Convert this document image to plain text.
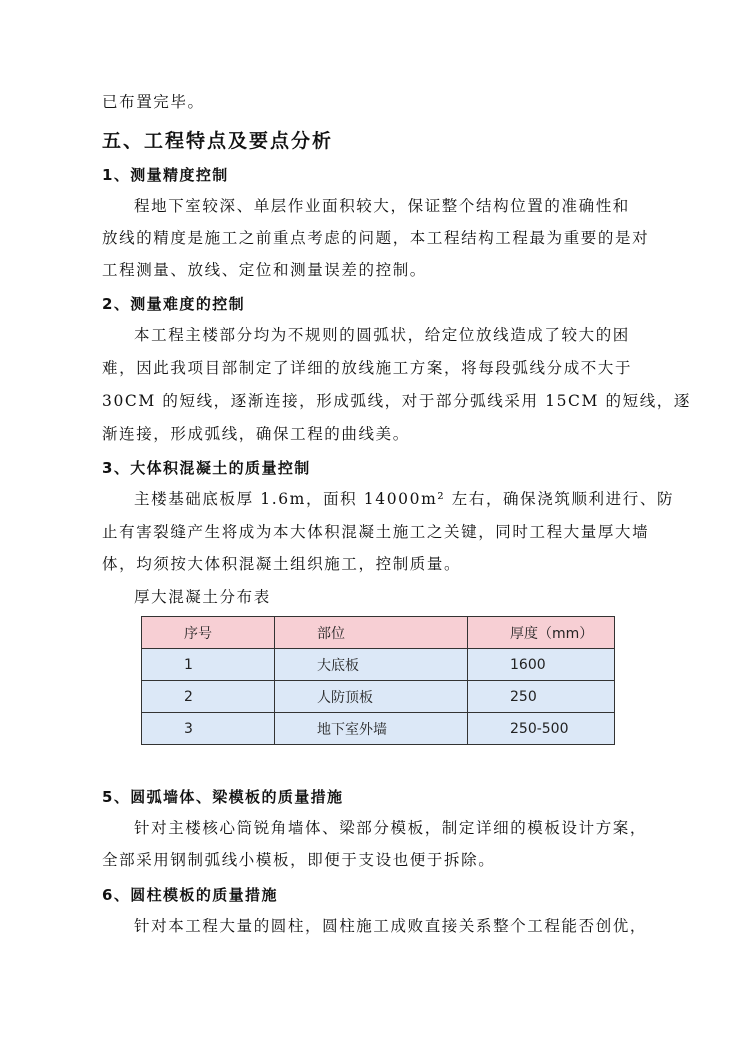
已布置完毕。
五、工程特点及要点分析
1、测量精度控制
程地下室较深、单层作业面积较大，保证整个结构位置的准确性和
放线的精度是施工之前重点考虑的问题，本工程结构工程最为重要的是对
工程测量、放线、定位和测量误差的控制。
2、测量难度的控制
本工程主楼部分均为不规则的圆弧状，给定位放线造成了较大的困
难，因此我项目部制定了详细的放线施工方案，将每段弧线分成不大于
30CM 的短线，逐渐连接，形成弧线，对于部分弧线采用 15CM 的短线，逐
渐连接，形成弧线，确保工程的曲线美。
3、大体积混凝土的质量控制
主楼基础底板厚 1.6m，面积 14000m² 左右，确保浇筑顺利进行、防
止有害裂缝产生将成为本大体积混凝土施工之关键，同时工程大量厚大墙
体，均须按大体积混凝土组织施工，控制质量。
厚大混凝土分布表
序号	部位	厚度（mm）
1	大底板	1600
2	人防顶板	250
3	地下室外墙	250-500
5、圆弧墙体、梁模板的质量措施
针对主楼核心筒锐角墙体、梁部分模板，制定详细的模板设计方案，
全部采用钢制弧线小模板，即便于支设也便于拆除。
6、圆柱模板的质量措施
针对本工程大量的圆柱，圆柱施工成败直接关系整个工程能否创优，
